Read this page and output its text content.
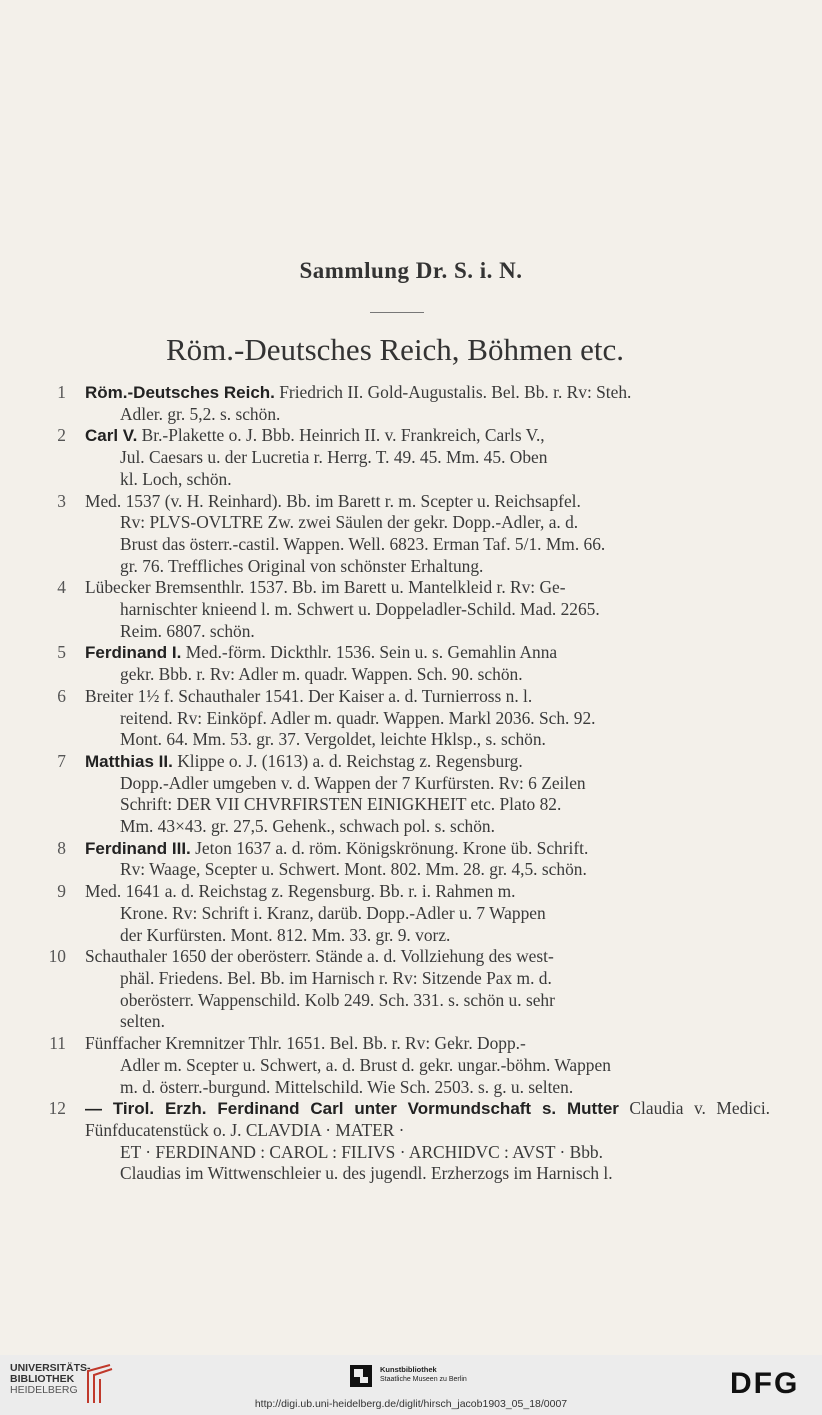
Sammlung Dr. S. i. N.
Röm.-Deutsches Reich, Böhmen etc.
1 Röm.-Deutsches Reich. Friedrich II. Gold-Augustalis. Bel. Bb. r. Rv: Steh.
Adler. gr. 5,2. s. schön.
2 Carl V. Br.-Plakette o. J. Bbb. Heinrich II. v. Frankreich, Carls V.,
Jul. Caesars u. der Lucretia r. Herrg. T. 49. 45. Mm. 45. Oben
kl. Loch, schön.
3 Med. 1537 (v. H. Reinhard). Bb. im Barett r. m. Scepter u. Reichsapfel.
Rv: PLVS-OVLTRE Zw. zwei Säulen der gekr. Dopp.-Adler, a. d.
Brust das österr.-castil. Wappen. Well. 6823. Erman Taf. 5/1. Mm. 66.
gr. 76. Treffliches Original von schönster Erhaltung.
4 Lübecker Bremsenthlr. 1537. Bb. im Barett u. Mantelkleid r. Rv: Ge-
harnischter knieend l. m. Schwert u. Doppeladler-Schild. Mad. 2265.
Reim. 6807. schön.
5 Ferdinand I. Med.-förm. Dickthlr. 1536. Sein u. s. Gemahlin Anna
gekr. Bbb. r. Rv: Adler m. quadr. Wappen. Sch. 90. schön.
6 Breiter 1½ f. Schauthaler 1541. Der Kaiser a. d. Turnierross n. l.
reitend. Rv: Einköpf. Adler m. quadr. Wappen. Markl 2036. Sch. 92.
Mont. 64. Mm. 53. gr. 37. Vergoldet, leichte Hklsp., s. schön.
7 Matthias II. Klippe o. J. (1613) a. d. Reichstag z. Regensburg.
Dopp.-Adler umgeben v. d. Wappen der 7 Kurfürsten. Rv: 6 Zeilen
Schrift: DER VII CHVRFIRSTEN EINIGKHEIT etc. Plato 82.
Mm. 43×43. gr. 27,5. Gehenk., schwach pol. s. schön.
8 Ferdinand III. Jeton 1637 a. d. röm. Königskrönung. Krone üb. Schrift.
Rv: Waage, Scepter u. Schwert. Mont. 802. Mm. 28. gr. 4,5. schön.
9 Med. 1641 a. d. Reichstag z. Regensburg. Bb. r. i. Rahmen m.
Krone. Rv: Schrift i. Kranz, darüb. Dopp.-Adler u. 7 Wappen
der Kurfürsten. Mont. 812. Mm. 33. gr. 9. vorz.
10 Schauthaler 1650 der oberösterr. Stände a. d. Vollziehung des west-
phäl. Friedens. Bel. Bb. im Harnisch r. Rv: Sitzende Pax m. d.
oberösterr. Wappenschild. Kolb 249. Sch. 331. s. schön u. sehr
selten.
11 Fünffacher Kremnitzer Thlr. 1651. Bel. Bb. r. Rv: Gekr. Dopp.-
Adler m. Scepter u. Schwert, a. d. Brust d. gekr. ungar.-böhm. Wappen
m. d. österr.-burgund. Mittelschild. Wie Sch. 2503. s. g. u. selten.
12 — Tirol. Erzh. Ferdinand Carl unter Vormundschaft s. Mutter Claudia v. Medici. Fünfducatenstück o. J. CLAVDIA · MATER ·
ET · FERDINAND : CAROL : FILIVS · ARCHIDVC : AVST · Bbb.
Claudias im Wittwenschleier u. des jugendl. Erzherzogs im Harnisch l.
UNIVERSITÄTS-
BIBLIOTHEK
HEIDELBERG
Kunstbibliothek
Staatliche Museen zu Berlin	DFG
http://digi.ub.uni-heidelberg.de/diglit/hirsch_jacob1903_05_18/0007
